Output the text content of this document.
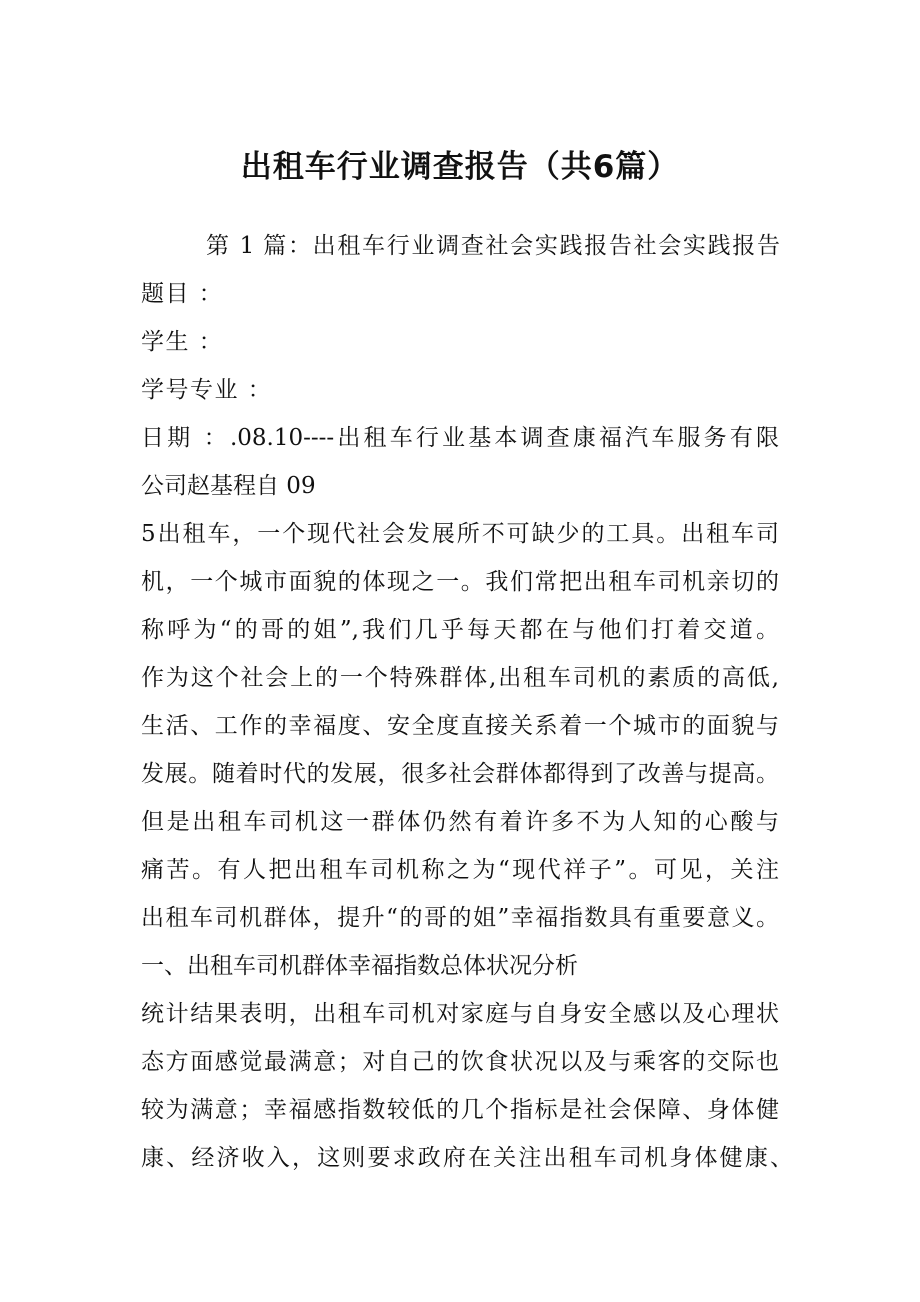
出租车行业调查报告（共6篇）

第 1 篇：出租车行业调查社会实践报告社会实践报告

题目 ：

学生 ：

学号专业 ：

日期 ：.08.10----出租车行业基本调查康福汽车服务有限

公司赵基程自 09

5出租车，一个现代社会发展所不可缺少的工具。出租车司

机，一个城市面貌的体现之一。我们常把出租车司机亲切的

称呼为“的哥的姐”,我们几乎每天都在与他们打着交道。

作为这个社会上的一个特殊群体,出租车司机的素质的高低,

生活、工作的幸福度、安全度直接关系着一个城市的面貌与

发展。随着时代的发展，很多社会群体都得到了改善与提高。

但是出租车司机这一群体仍然有着许多不为人知的心酸与

痛苦。有人把出租车司机称之为“现代祥子”。可见，关注

出租车司机群体，提升“的哥的姐”幸福指数具有重要意义。

一、出租车司机群体幸福指数总体状况分析

统计结果表明，出租车司机对家庭与自身安全感以及心理状

态方面感觉最满意；对自己的饮食状况以及与乘客的交际也

较为满意；幸福感指数较低的几个指标是社会保障、身体健

康、经济收入，这则要求政府在关注出租车司机身体健康、
